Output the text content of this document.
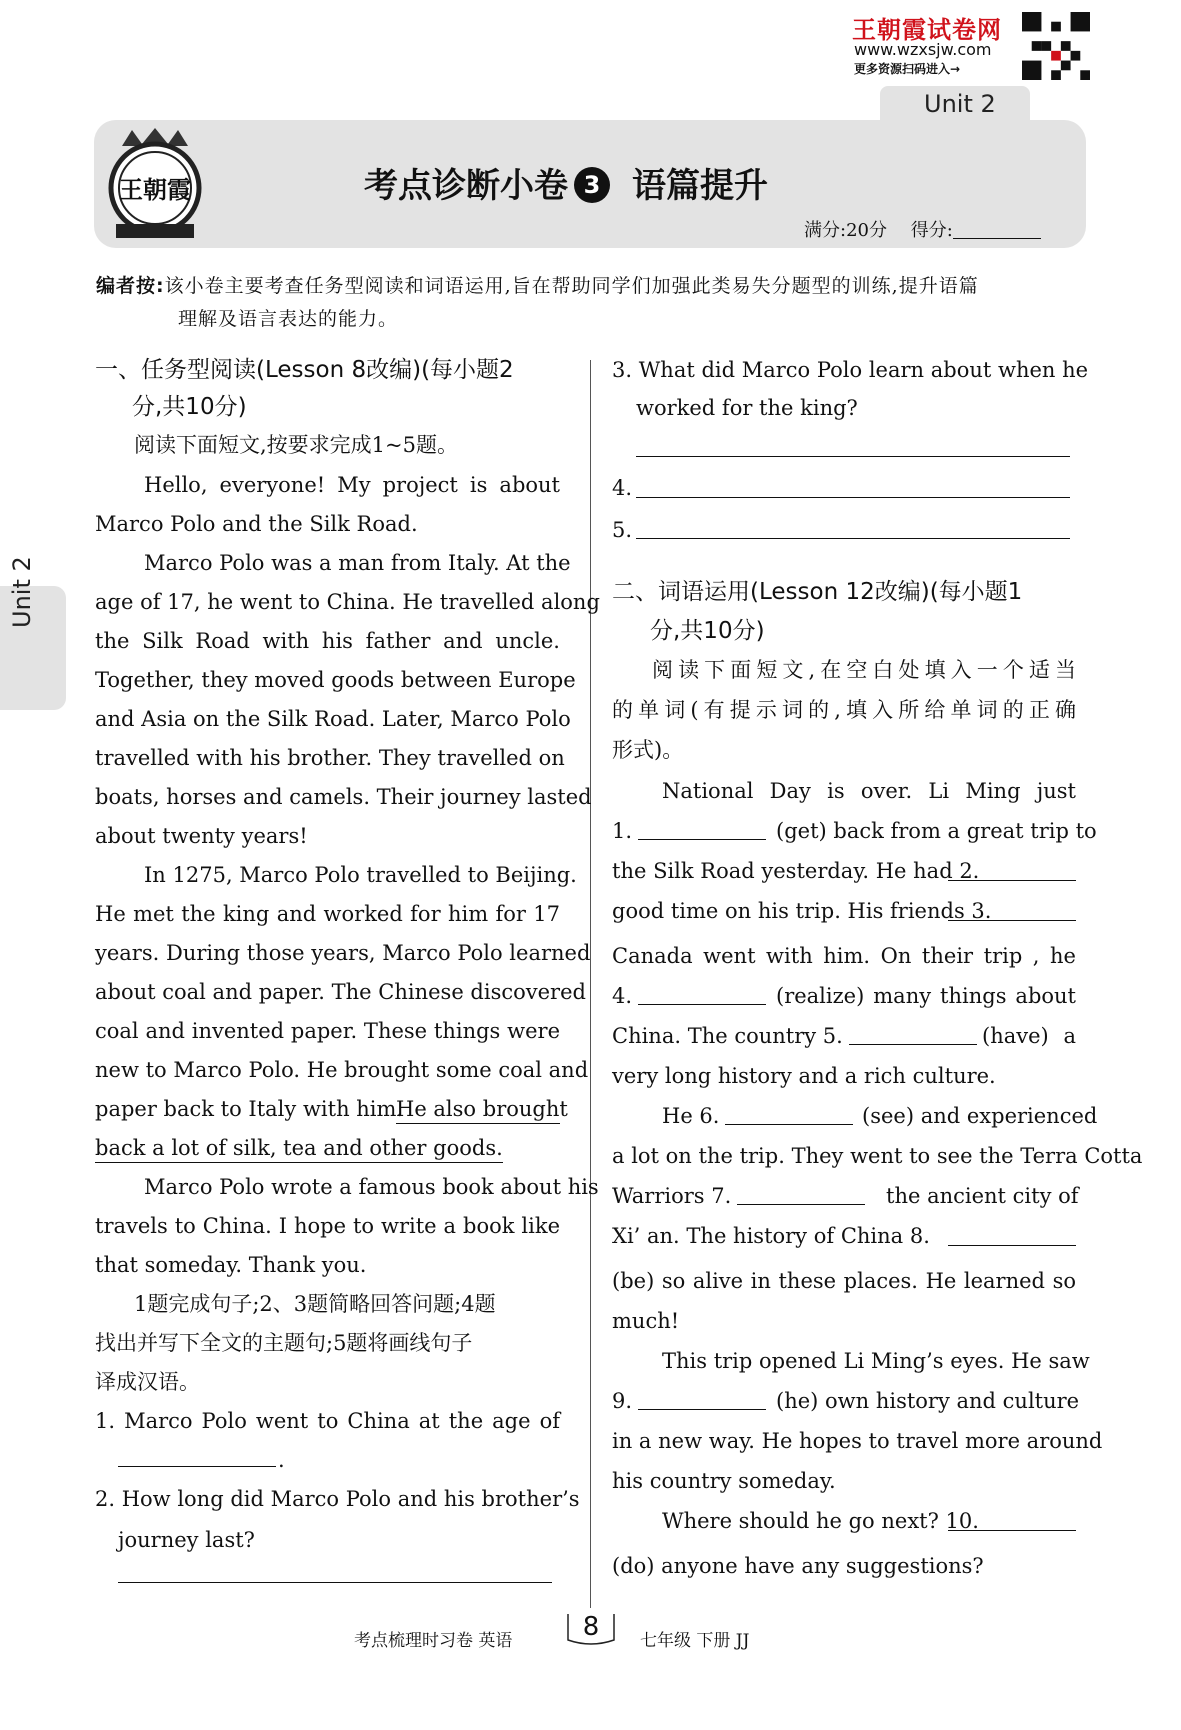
王朝霞试卷网
www.wzxsjw.com
更多资源扫码进入→
Unit 2
王朝霞	考点诊断小卷 3 语篇提升
满分:20分 得分:
编者按:该小卷主要考查任务型阅读和词语运用,旨在帮助同学们加强此类易失分题型的训练,提升语篇
理解及语言表达的能力。
Unit 2
一、任务型阅读(Lesson 8改编)(每小题2
分,共10分)
阅读下面短文,按要求完成1~5题。
Hello, everyone! My project is about
Marco Polo and the Silk Road.
Marco Polo was a man from Italy. At the
age of 17, he went to China. He travelled along
the Silk Road with his father and uncle.
Together, they moved goods between Europe
and Asia on the Silk Road. Later, Marco Polo
travelled with his brother. They travelled on
boats, horses and camels. Their journey lasted
about twenty years!
In 1275, Marco Polo travelled to Beijing.
He met the king and worked for him for 17
years. During those years, Marco Polo learned
about coal and paper. The Chinese discovered
coal and invented paper. These things were
new to Marco Polo. He brought some coal and
paper back to Italy with him.
He also brought
back a lot of silk, tea and other goods.
Marco Polo wrote a famous book about his
travels to China. I hope to write a book like
that someday. Thank you.
1题完成句子;2、3题简略回答问题;4题
找出并写下全文的主题句;5题将画线句子
译成汉语。
1. Marco Polo went to China at the age of
.
2. How long did Marco Polo and his brother’s
journey last?
3. What did Marco Polo learn about when he
worked for the king?
4.
5.
二、词语运用(Lesson 12改编)(每小题1
分,共10分)
阅读下面短文,在空白处填入一个适当
的单词(有提示词的,填入所给单词的正确
形式)。
National Day is over. Li Ming just
1.	(get) back from a great trip to
the Silk Road yesterday. He had 2.
good time on his trip. His friends 3.
Canada went with him. On their trip , he
4.	(realize) many things about
China. The country 5.	(have) a
very long history and a rich culture.
He 6.	(see) and experienced
a lot on the trip. They went to see the Terra Cotta
Warriors 7.	the ancient city of
Xi’ an. The history of China 8.
(be) so alive in these places. He learned so
much!
This trip opened Li Ming’s eyes. He saw
9.	(he) own history and culture
in a new way. He hopes to travel more around
his country someday.
Where should he go next? 10.
(do) anyone have any suggestions?
考点梳理时习卷 英语	8	七年级 下册 JJ
